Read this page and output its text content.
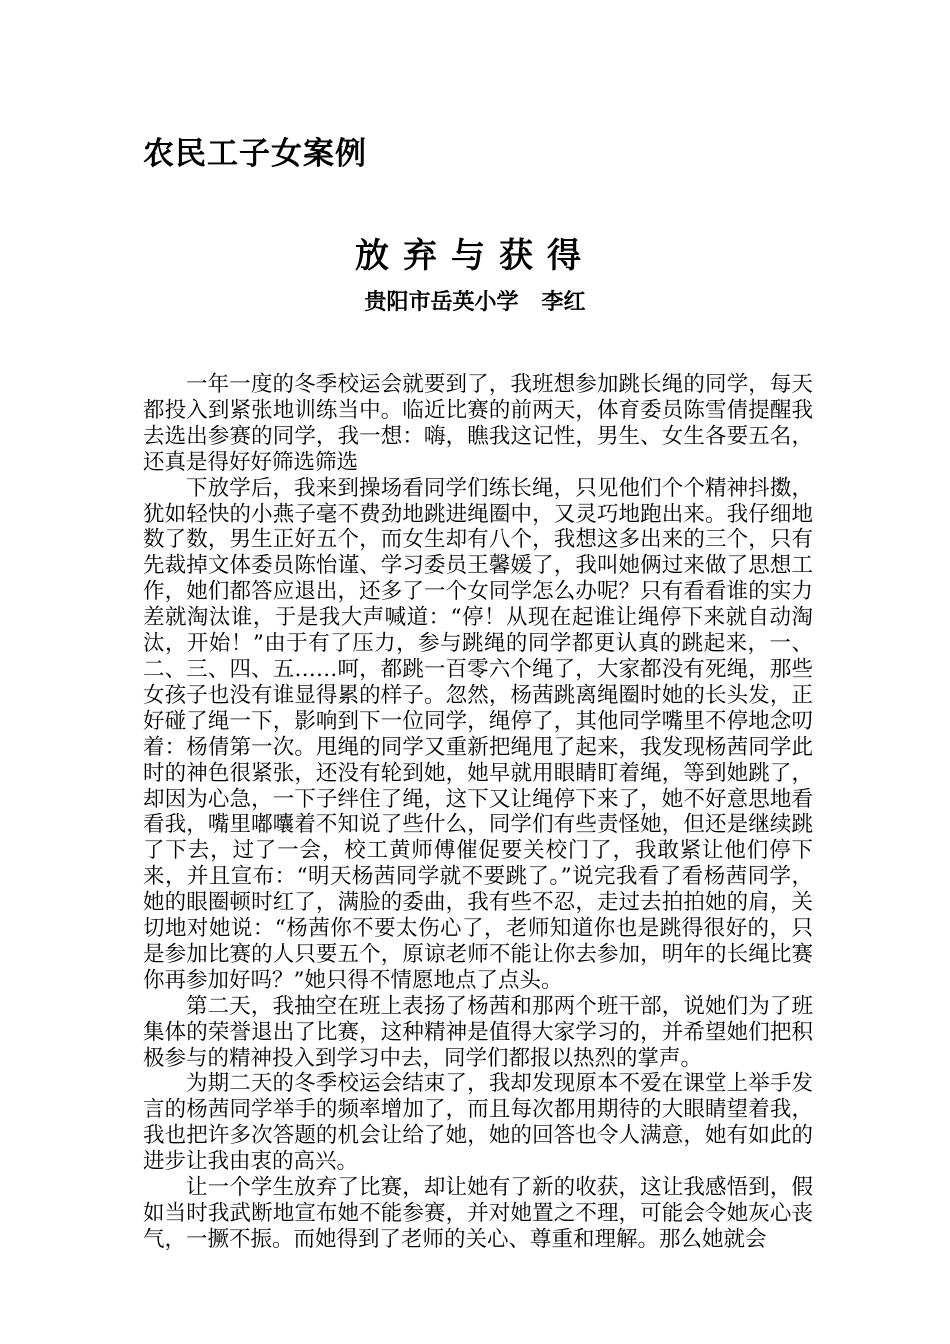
农民工子女案例
放弃与获得
贵阳市岳英小学   李红

一年一度的冬季校运会就要到了，我班想参加跳长绳的同学，每天都投入到紧张地训练当中。临近比赛的前两天，体育委员陈雪倩提醒我去选出参赛的同学，我一想：嗨，瞧我这记性，男生、女生各要五名，还真是得好好筛选筛选

下放学后，我来到操场看同学们练长绳，只见他们个个精神抖擞，犹如轻快的小燕子毫不费劲地跳进绳圈中，又灵巧地跑出来。我仔细地数了数，男生正好五个，而女生却有八个，我想这多出来的三个，只有先裁掉文体委员陈怡谨、学习委员王馨媛了，我叫她俩过来做了思想工作，她们都答应退出，还多了一个女同学怎么办呢？只有看看谁的实力差就淘汰谁，于是我大声喊道：“停！从现在起谁让绳停下来就自动淘汰，开始！”由于有了压力，参与跳绳的同学都更认真的跳起来，一、二、三、四、五……呵，都跳一百零六个绳了，大家都没有死绳，那些女孩子也没有谁显得累的样子。忽然，杨茜跳离绳圈时她的长头发，正好碰了绳一下，影响到下一位同学，绳停了，其他同学嘴里不停地念叨着：杨倩第一次。甩绳的同学又重新把绳甩了起来，我发现杨茜同学此时的神色很紧张，还没有轮到她，她早就用眼睛盯着绳，等到她跳了，却因为心急，一下子绊住了绳，这下又让绳停下来了，她不好意思地看看我，嘴里嘟囔着不知说了些什么，同学们有些责怪她，但还是继续跳了下去，过了一会，校工黄师傅催促要关校门了，我敢紧让他们停下来，并且宣布：“明天杨茜同学就不要跳了。”说完我看了看杨茜同学，她的眼圈顿时红了，满脸的委曲，我有些不忍，走过去拍拍她的肩，关切地对她说：“杨茜你不要太伤心了，老师知道你也是跳得很好的，只是参加比赛的人只要五个，原谅老师不能让你去参加，明年的长绳比赛你再参加好吗？”她只得不情愿地点了点头。

第二天，我抽空在班上表扬了杨茜和那两个班干部，说她们为了班集体的荣誉退出了比赛，这种精神是值得大家学习的，并希望她们把积极参与的精神投入到学习中去，同学们都报以热烈的掌声。

为期二天的冬季校运会结束了，我却发现原本不爱在课堂上举手发言的杨茜同学举手的频率增加了，而且每次都用期待的大眼睛望着我，我也把许多次答题的机会让给了她，她的回答也令人满意，她有如此的进步让我由衷的高兴。

让一个学生放弃了比赛，却让她有了新的收获，这让我感悟到，假如当时我武断地宣布她不能参赛，并对她置之不理，可能会令她灰心丧气，一撅不振。而她得到了老师的关心、尊重和理解。那么她就会
